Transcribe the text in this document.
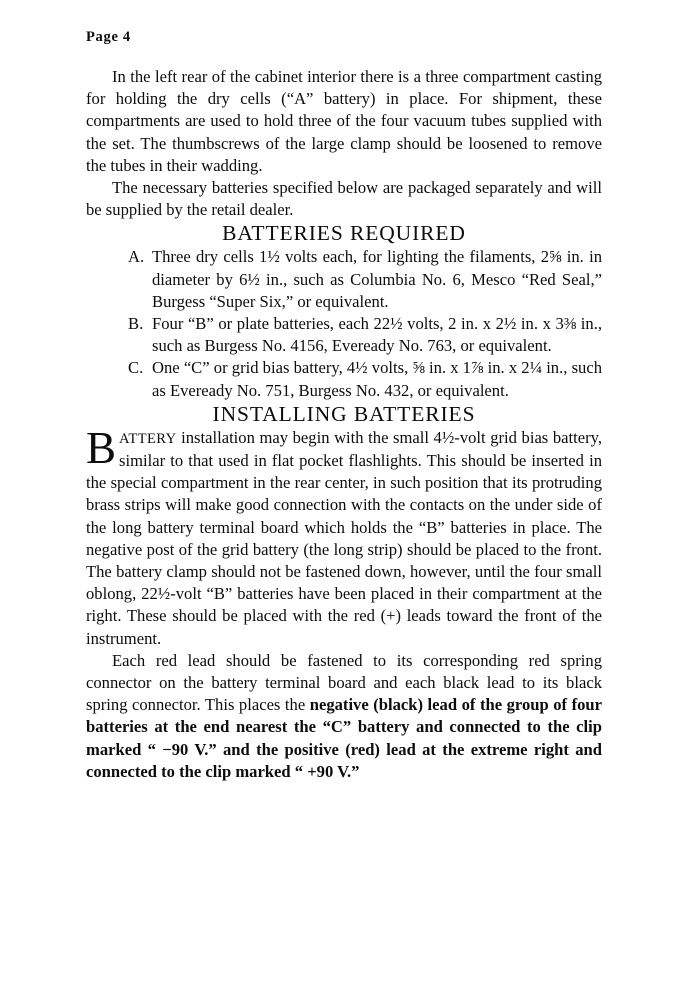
Page 4

In the left rear of the cabinet interior there is a three compartment casting for holding the dry cells (“A” battery) in place. For shipment, these compartments are used to hold three of the four vacuum tubes supplied with the set. The thumbscrews of the large clamp should be loosened to remove the tubes in their wadding.

The necessary batteries specified below are packaged separately and will be supplied by the retail dealer.

BATTERIES REQUIRED
A. Three dry cells 1½ volts each, for lighting the filaments, 2⅝ in. in diameter by 6½ in., such as Columbia No. 6, Mesco “Red Seal,” Burgess “Super Six,” or equivalent.
B. Four “B” or plate batteries, each 22½ volts, 2 in. x 2½ in. x 3⅜ in., such as Burgess No. 4156, Eveready No. 763, or equivalent.
C. One “C” or grid bias battery, 4½ volts, ⅝ in. x 1⅞ in. x 2¼ in., such as Eveready No. 751, Burgess No. 432, or equivalent.
INSTALLING BATTERIES

BATTERY installation may begin with the small 4½-volt grid bias battery, similar to that used in flat pocket flashlights. This should be inserted in the special compartment in the rear center, in such position that its protruding brass strips will make good connection with the contacts on the under side of the long battery terminal board which holds the “B” batteries in place. The negative post of the grid battery (the long strip) should be placed to the front. The battery clamp should not be fastened down, however, until the four small oblong, 22½-volt “B” batteries have been placed in their compartment at the right. These should be placed with the red (+) leads toward the front of the instrument.

Each red lead should be fastened to its corresponding red spring connector on the battery terminal board and each black lead to its black spring connector. This places the negative (black) lead of the group of four batteries at the end nearest the “C” battery and connected to the clip marked “ −90 V.” and the positive (red) lead at the extreme right and connected to the clip marked “ +90 V.”
